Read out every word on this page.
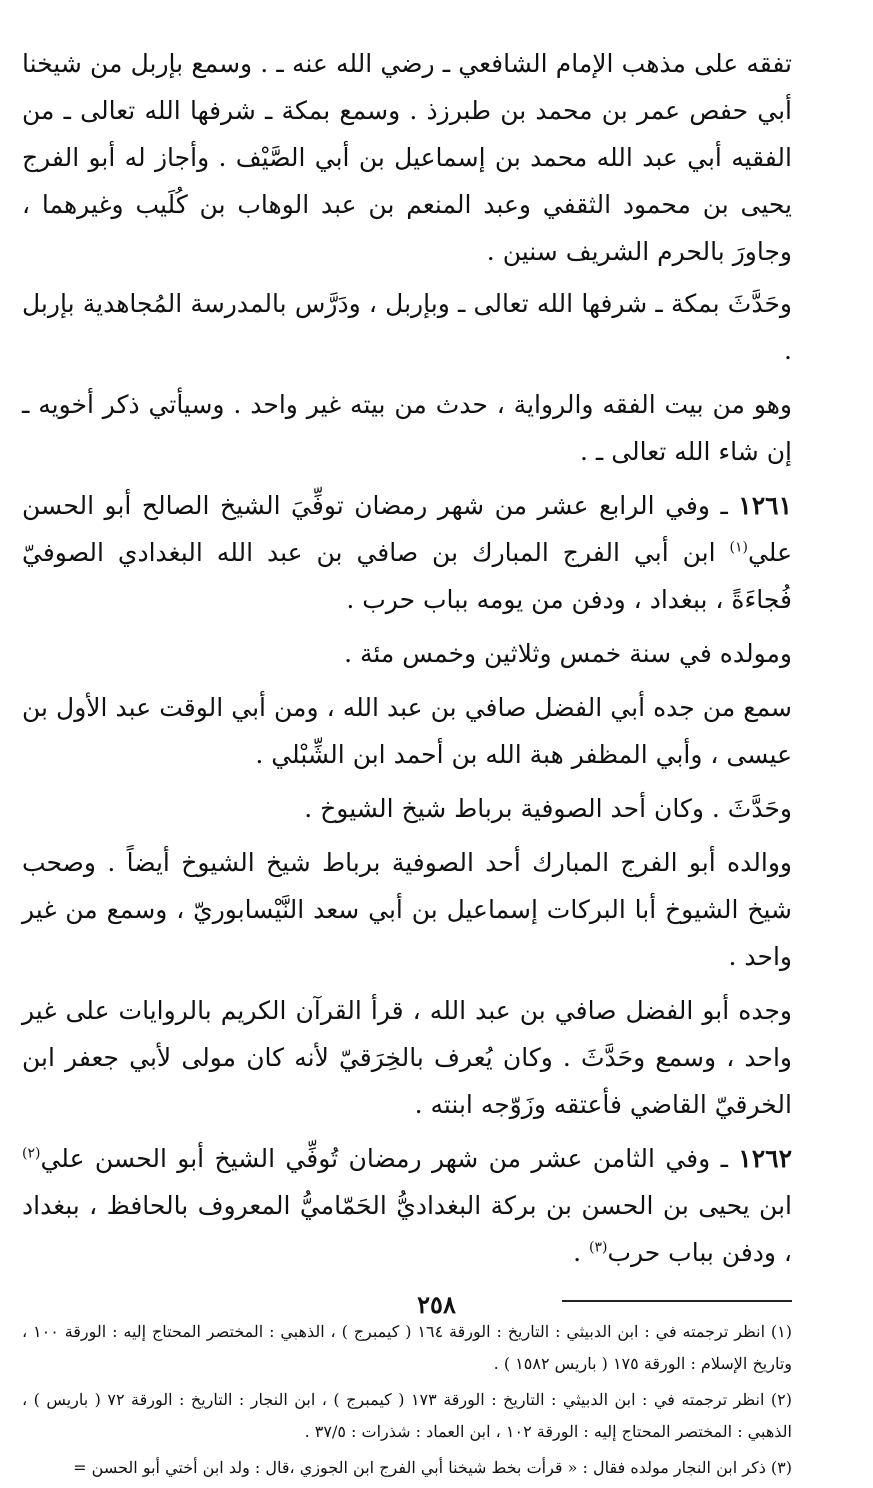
تفقه على مذهب الإمام الشافعي ـ رضي الله عنه ـ . وسمع بإربل من شيخنا أبي حفص عمر بن محمد بن طبرزذ . وسمع بمكة ـ شرفها الله تعالى ـ من الفقيه أبي عبد الله محمد بن إسماعيل بن أبي الصَّيْف . وأجاز له أبو الفرج يحيى بن محمود الثقفي وعبد المنعم بن عبد الوهاب بن كُلَيب وغيرهما ، وجاورَ بالحرم الشريف سنين .

وحَدَّثَ بمكة ـ شرفها الله تعالى ـ وبإربل ، ودَرَّس بالمدرسة المُجاهدية بإربل .

وهو من بيت الفقه والرواية ، حدث من بيته غير واحد . وسيأتي ذكر أخويه ـ إن شاء الله تعالى ـ .

١٢٦١ ـ وفي الرابع عشر من شهر رمضان توفِّيَ الشيخ الصالح أبو الحسن علي$^{(١)}$ ابن أبي الفرج المبارك بن صافي بن عبد الله البغدادي الصوفيّ فُجاءَةً ، ببغداد ، ودفن من يومه بباب حرب .

ومولده في سنة خمس وثلاثين وخمس مئة .

سمع من جده أبي الفضل صافي بن عبد الله ، ومن أبي الوقت عبد الأول بن عيسى ، وأبي المظفر هبة الله بن أحمد ابن الشِّبْلي .

وحَدَّثَ . وكان أحد الصوفية برباط شيخ الشيوخ .

ووالده أبو الفرج المبارك أحد الصوفية برباط شيخ الشيوخ أيضاً . وصحب شيخ الشيوخ أبا البركات إسماعيل بن أبي سعد النَّيْسابوريّ ، وسمع من غير واحد .

وجده أبو الفضل صافي بن عبد الله ، قرأ القرآن الكريم بالروايات على غير واحد ، وسمع وحَدَّثَ . وكان يُعرف بالخِرَقيّ لأنه كان مولى لأبي جعفر ابن الخرقيّ القاضي فأعتقه وزَوّجه ابنته .

١٢٦٢ ـ وفي الثامن عشر من شهر رمضان تُوفِّي الشيخ أبو الحسن علي$^{(٢)}$ ابن يحيى بن الحسن بن بركة البغداديُّ الحَمّاميُّ المعروف بالحافظ ، ببغداد ، ودفن بباب حرب$^{(٣)}$ .

(١) انظر ترجمته في : ابن الدبيثي : التاريخ : الورقة ١٦٤ ( كيمبرج ) ، الذهبي : المختصر المحتاج إليه : الورقة ١٠٠ ، وتاريخ الإسلام : الورقة ١٧٥ ( باريس ١٥٨٢ ) .

(٢) انظر ترجمته في : ابن الدبيثي : التاريخ : الورقة ١٧٣ ( كيمبرج ) ، ابن النجار : التاريخ : الورقة ٧٢ ( باريس ) ، الذهبي : المختصر المحتاج إليه : الورقة ١٠٢ ، ابن العماد : شذرات : ٣٧/٥ .

(٣) ذكر ابن النجار مولده فقال : « قرأت بخط شيخنا أبي الفرج ابن الجوزي ،قال : ولد ابن أختي أبو الحسن =

٢٥٨
